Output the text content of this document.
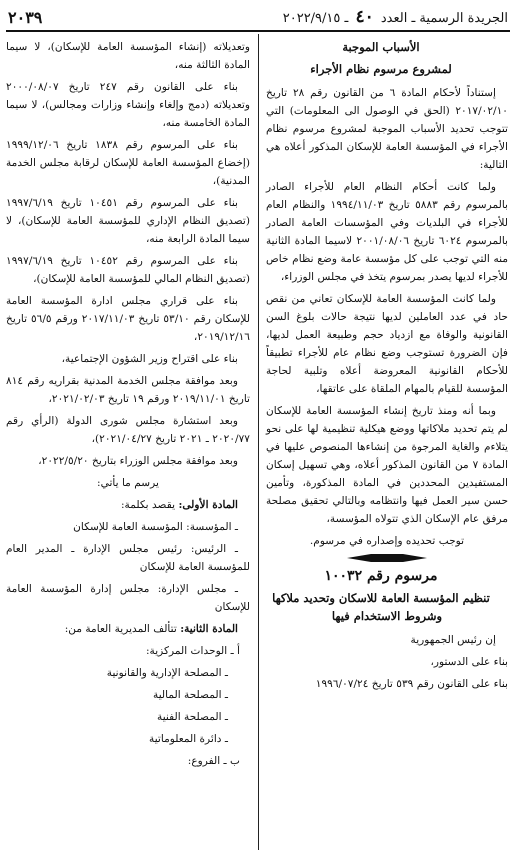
الجريدة الرسمية ـ العدد ٤٠ ـ ٢٠٢٢/٩/١٥
٢٠٣٩

الأسباب الموجبة

لمشروع مرسوم نظام الأجراء

إستناداً لأحكام المادة ٦ من القانون رقم ٢٨ تاريخ ٢٠١٧/٠٢/١٠ (الحق في الوصول الى المعلومات) التي تتوجب تحديد الأسباب الموجبة لمشروع مرسوم نظام الأجراء في المؤسسة العامة للإسكان المذكور أعلاه هي التالية:

ولما كانت أحكام النظام العام للأجراء الصادر بالمرسوم رقم ٥٨٨٣ تاريخ ١٩٩٤/١١/٠٣ والنظام العام للأجراء في البلديات وفي المؤسسات العامة الصادر بالمرسوم ٦٠٢٤ تاريخ ٢٠٠١/٠٨/٠٦ لاسيما المادة الثانية منه التي توجب على كل مؤسسة عامة وضع نظام خاص للأجراء لديها يصدر بمرسوم يتخذ في مجلس الوزراء،

ولما كانت المؤسسة العامة للإسكان تعاني من نقص حاد في عدد العاملين لديها نتيجة حالات بلوغ السن القانونية والوفاة مع ازدياد حجم وطبيعة العمل لديها، فإن الضرورة تستوجب وضع نظام عام للأجراء تطبيقاً للأحكام القانونية المعروضة أعلاه وتلبية لحاجة المؤسسة للقيام بالمهام الملقاة على عاتقها،

وبما أنه ومنذ تاريخ إنشاء المؤسسة العامة للإسكان لم يتم تحديد ملاكاتها ووضع هيكلية تنظيمية لها على نحو يتلاءم والغاية المرجوة من إنشاءها المنصوص عليها في المادة ٧ من القانون المذكور أعلاه، وهي تسهيل إسكان المستفيدين المحددين في المادة المذكورة، وتأمين حسن سير العمل فيها وانتظامه وبالتالي تحقيق مصلحة مرفق عام الإسكان الذي تتولاه المؤسسة،

توجب تحديده وإصداره في مرسوم.

مرسوم رقم ١٠٠٣٢

تنظيم المؤسسة العامة للاسكان وتحديد ملاكها وشروط الاستخدام فيها

إن رئيس الجمهورية

بناء على الدستور،

بناء على القانون رقم ٥٣٩ تاريخ ١٩٩٦/٠٧/٢٤

وتعديلاته (إنشاء المؤسسة العامة للإسكان)، لا سيما المادة الثالثة منه،

بناء على القانون رقم ٢٤٧ تاريخ ٢٠٠٠/٠٨/٠٧ وتعديلاته (دمج وإلغاء وإنشاء وزارات ومجالس)، لا سيما المادة الخامسة منه،

بناء على المرسوم رقم ١٨٣٨ تاريخ ١٩٩٩/١٢/٠٦ (إخضاع المؤسسة العامة للإسكان لرقابة مجلس الخدمة المدنية)،

بناء على المرسوم رقم ١٠٤٥١ تاريخ ١٩٩٧/٦/١٩ (تصديق النظام الإداري للمؤسسة العامة للإسكان)، لا سيما المادة الرابعة منه،

بناء على المرسوم رقم ١٠٤٥٢ تاريخ ١٩٩٧/٦/١٩ (تصديق النظام المالي للمؤسسة العامة للإسكان)،

بناء على قراري مجلس ادارة المؤسسة العامة للإسكان رقم ٥٣/١٠ تاريخ ٢٠١٧/١١/٠٣ ورقم ٥٦/٥ تاريخ ٢٠١٩/١٢/١٦،

بناء على اقتراح وزير الشؤون الإجتماعية،

وبعد موافقة مجلس الخدمة المدنية بقراريه رقم ٨١٤ تاريخ ٢٠١٩/١١/٠١ ورقم ١٩ تاريخ ٢٠٢١/٠٢/٠٣،

وبعد استشارة مجلس شورى الدولة (الرأي رقم ٢٠٢٠/٧٧ ـ ٢٠٢١ تاريخ ٢٠٢١/٠٤/٢٧)،

وبعد موافقة مجلس الوزراء بتاريخ ٢٠٢٢/٥/٢٠،

يرسم ما يأتي:

المادة الأولى: يقصد بكلمة:

ـ المؤسسة: المؤسسة العامة للإسكان

ـ الرئيس: رئيس مجلس الإدارة ـ المدير العام للمؤسسة العامة للإسكان

ـ مجلس الإدارة: مجلس إدارة المؤسسة العامة للإسكان

المادة الثانية: تتألف المديرية العامة من:

أ ـ الوحدات المركزية:

ـ المصلحة الإدارية والقانونية

ـ المصلحة المالية

ـ المصلحة الفنية

ـ دائرة المعلوماتية

ب ـ الفروع:
